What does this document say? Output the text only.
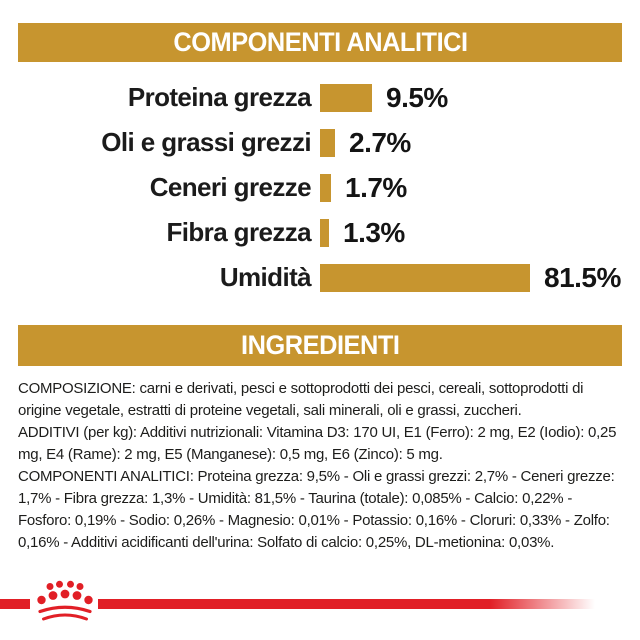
COMPONENTI ANALITICI
Proteina grezza	9.5%
Oli e grassi grezzi 2.7%
Ceneri grezze 1.7%
Fibra grezza 1.3%
Umidità	81.5%
INGREDIENTI

COMPOSIZIONE: carni e derivati, pesci e sottoprodotti dei pesci, cereali, sottoprodotti di origine vegetale, estratti di proteine vegetali, sali minerali, oli e grassi, zuccheri.

ADDITIVI (per kg): Additivi nutrizionali: Vitamina D3: 170 UI, E1 (Ferro): 2 mg, E2 (Iodio): 0,25 mg, E4 (Rame): 2 mg, E5 (Manganese): 0,5 mg, E6 (Zinco): 5 mg.

COMPONENTI ANALITICI: Proteina grezza: 9,5% - Oli e grassi grezzi: 2,7% - Ceneri grezze: 1,7% - Fibra grezza: 1,3% - Umidità: 81,5% - Taurina (totale): 0,085% - Calcio: 0,22% - Fosforo: 0,19% - Sodio: 0,26% - Magnesio: 0,01% - Potassio: 0,16% - Cloruri: 0,33% - Zolfo: 0,16% - Additivi acidificanti dell'urina: Solfato di calcio: 0,25%, DL-metionina: 0,03%.
